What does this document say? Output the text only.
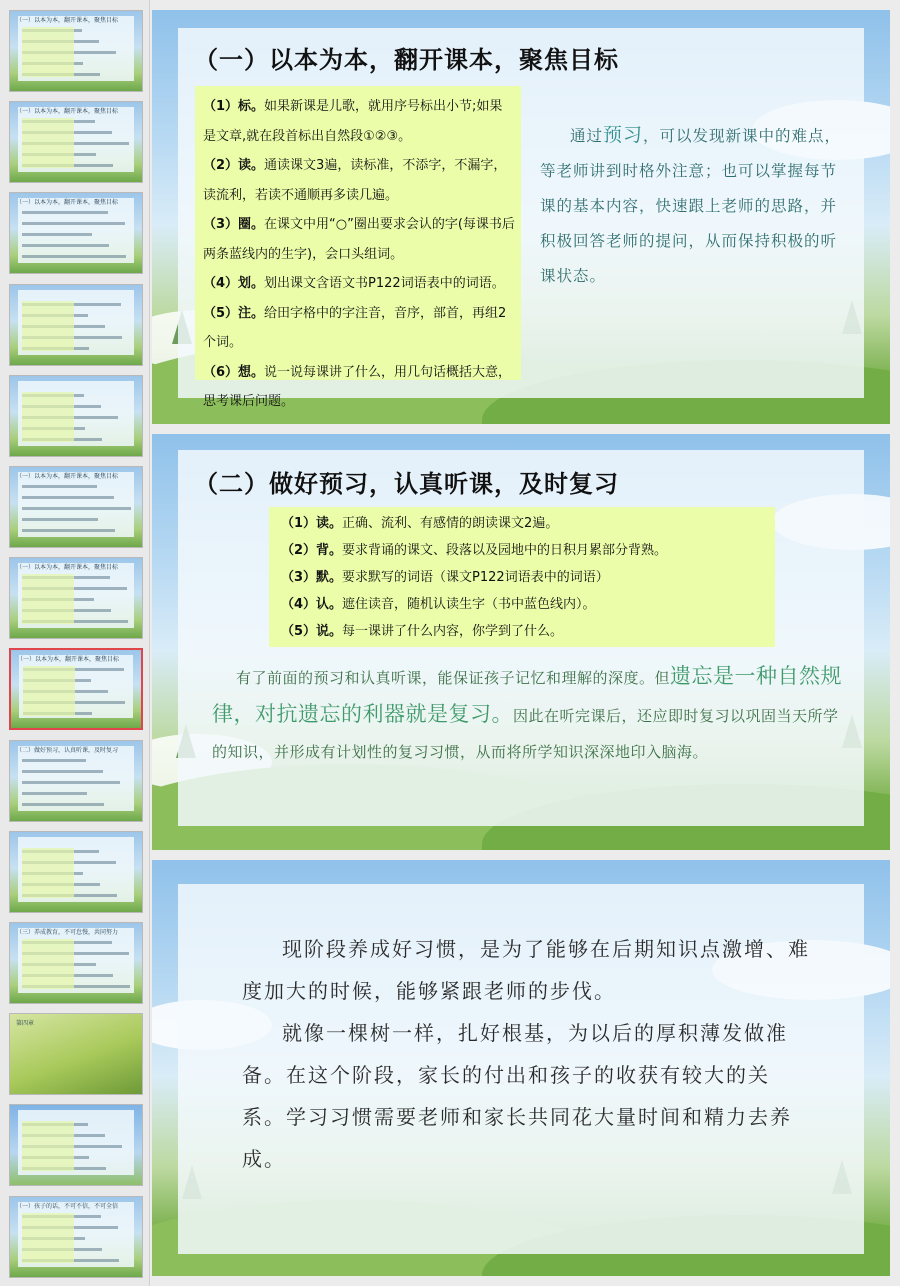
（一）以本为本，翻开课本，聚焦目标
（一）以本为本，翻开课本，聚焦目标
（一）以本为本，翻开课本，聚焦目标
（一）以本为本，翻开课本，聚焦目标
（一）以本为本，翻开课本，聚焦目标
（一）以本为本，翻开课本，聚焦目标
（二）做好预习，认真听课，及时复习
（三）养成教育，不可怠慢，共同努力
第四章
（一）孩子的话，不可不信，不可全信
（一）以本为本，翻开课本，聚焦目标

（1）标。如果新课是儿歌，就用序号标出小节;如果是文章,就在段首标出自然段①②③。

（2）读。通读课文3遍，读标准，不添字，不漏字，读流利，若读不通顺再多读几遍。

（3）圈。在课文中用“○”圈出要求会认的字(每课书后两条蓝线内的生字)，会口头组词。

（4）划。划出课文含语文书P122词语表中的词语。

（5）注。给田字格中的字注音，音序，部首，再组2个词。

（6）想。说一说每课讲了什么，用几句话概括大意，思考课后问题。

通过预习，可以发现新课中的难点，等老师讲到时格外注意；也可以掌握每节课的基本内容，快速跟上老师的思路，并积极回答老师的提问，从而保持积极的听课状态。
（二）做好预习，认真听课，及时复习

（1）读。正确、流利、有感情的朗读课文2遍。

（2）背。要求背诵的课文、段落以及园地中的日积月累部分背熟。

（3）默。要求默写的词语（课文P122词语表中的词语）

（4）认。遮住读音，随机认读生字（书中蓝色线内）。

（5）说。每一课讲了什么内容，你学到了什么。

有了前面的预习和认真听课，能保证孩子记忆和理解的深度。但遗忘是一种自然规律，对抗遗忘的利器就是复习。因此在听完课后，还应即时复习以巩固当天所学的知识，并形成有计划性的复习习惯，从而将所学知识深深地印入脑海。

现阶段养成好习惯，是为了能够在后期知识点激增、难度加大的时候，能够紧跟老师的步伐。

就像一棵树一样，扎好根基，为以后的厚积薄发做准备。在这个阶段，家长的付出和孩子的收获有较大的关系。学习习惯需要老师和家长共同花大量时间和精力去养成。
